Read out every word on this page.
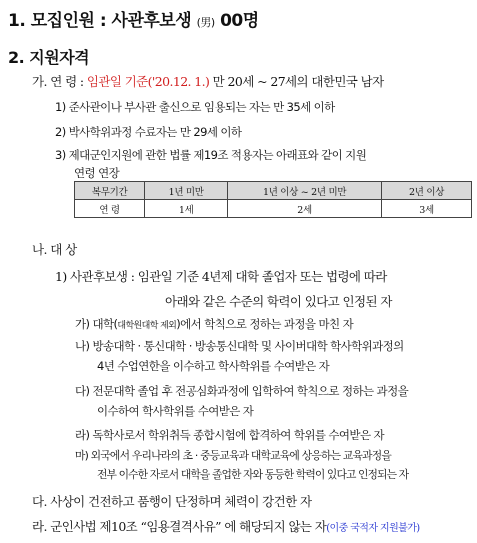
1. 모집인원 : 사관후보생 (男) 00명
2. 지원자격
가. 연 령 : 임관일 기준('20.12. 1.) 만 20세 ~ 27세의 대한민국 남자
1) 준사관이나 부사관 출신으로 임용되는 자는 만 35세 이하
2) 박사학위과정 수료자는 만 29세 이하
3) 제대군인지원에 관한 법률 제19조 적용자는 아래표와 같이 지원
연령 연장
복무기간	1년 미만	1년 이상 ~ 2년 미만	2년 이상
연 령	1세	2세	3세
나. 대 상
1) 사관후보생 : 임관일 기준 4년제 대학 졸업자 또는 법령에 따라
아래와 같은 수준의 학력이 있다고 인정된 자
가) 대학(대학원대학 제외)에서 학칙으로 정하는 과정을 마친 자
나) 방송대학 · 통신대학 · 방송통신대학 및 사이버대학 학사학위과정의
4년 수업연한을 이수하고 학사학위를 수여받은 자
다) 전문대학 졸업 후 전공심화과정에 입학하여 학칙으로 정하는 과정을
이수하여 학사학위를 수여받은 자
라) 독학사로서 학위취득 종합시험에 합격하여 학위를 수여받은 자
마) 외국에서 우리나라의 초 · 중등교육과 대학교육에 상응하는 교육과정을
전부 이수한 자로서 대학을 졸업한 자와 동등한 학력이 있다고 인정되는 자
다. 사상이 건전하고 품행이 단정하며 체력이 강건한 자
라. 군인사법 제10조 “임용결격사유” 에 해당되지 않는 자(이중 국적자 지원불가)
